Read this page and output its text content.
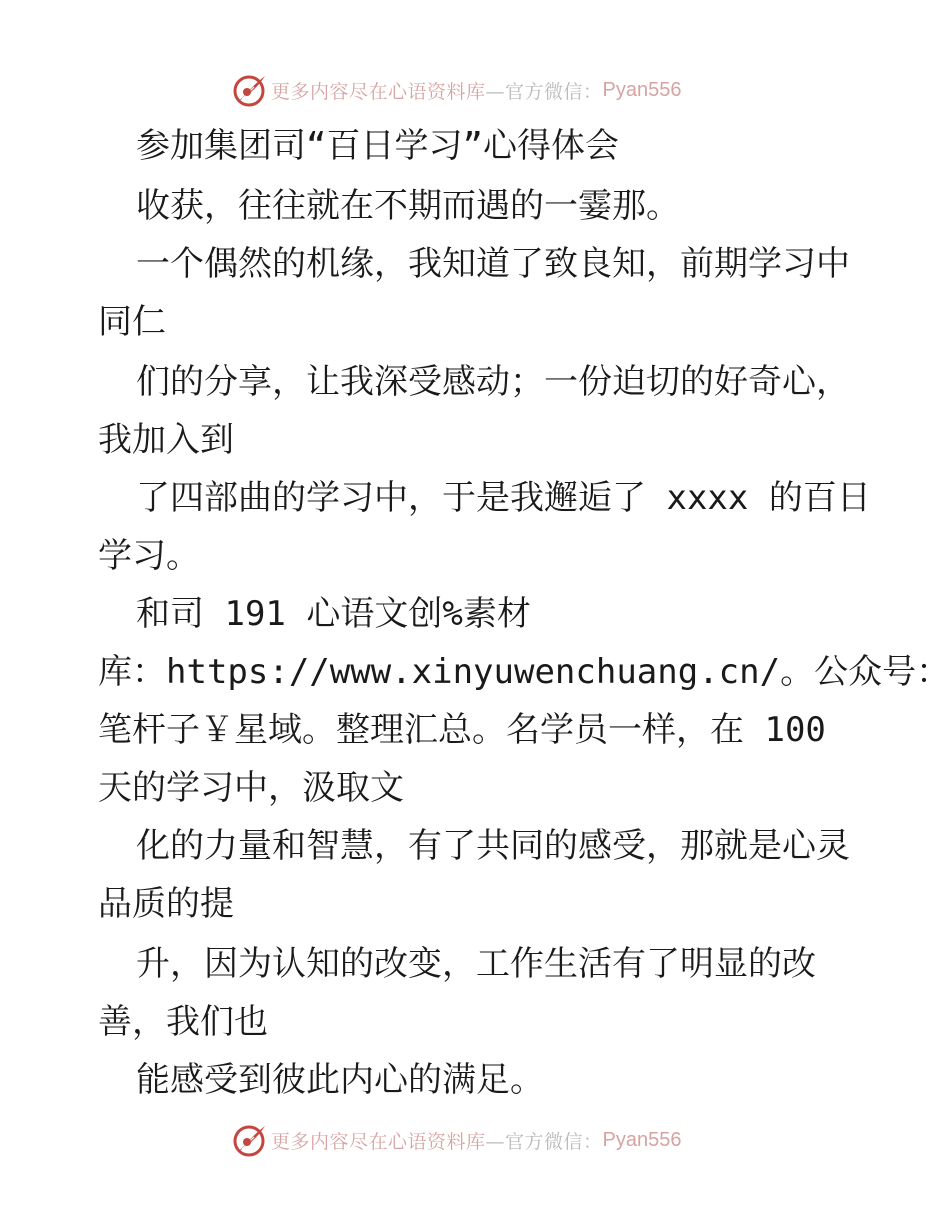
更多内容尽在心语资料库 —官方微信： Pyan556
参加集团司“百日学习”心得体会
收获，往往就在不期而遇的一霎那。
一个偶然的机缘，我知道了致良知，前期学习中
同仁
们的分享，让我深受感动；一份迫切的好奇心，
我加入到
了四部曲的学习中，于是我邂逅了 xxxx 的百日
学习。
和司 191 心语文创%素材
库：https://www.xinyuwenchuang.cn/。公众号：
笔杆子￥星域。整理汇总。名学员一样，在 100
天的学习中，汲取文
化的力量和智慧，有了共同的感受，那就是心灵
品质的提
升，因为认知的改变，工作生活有了明显的改
善，我们也
能感受到彼此内心的满足。
更多内容尽在心语资料库 —官方微信： Pyan556
